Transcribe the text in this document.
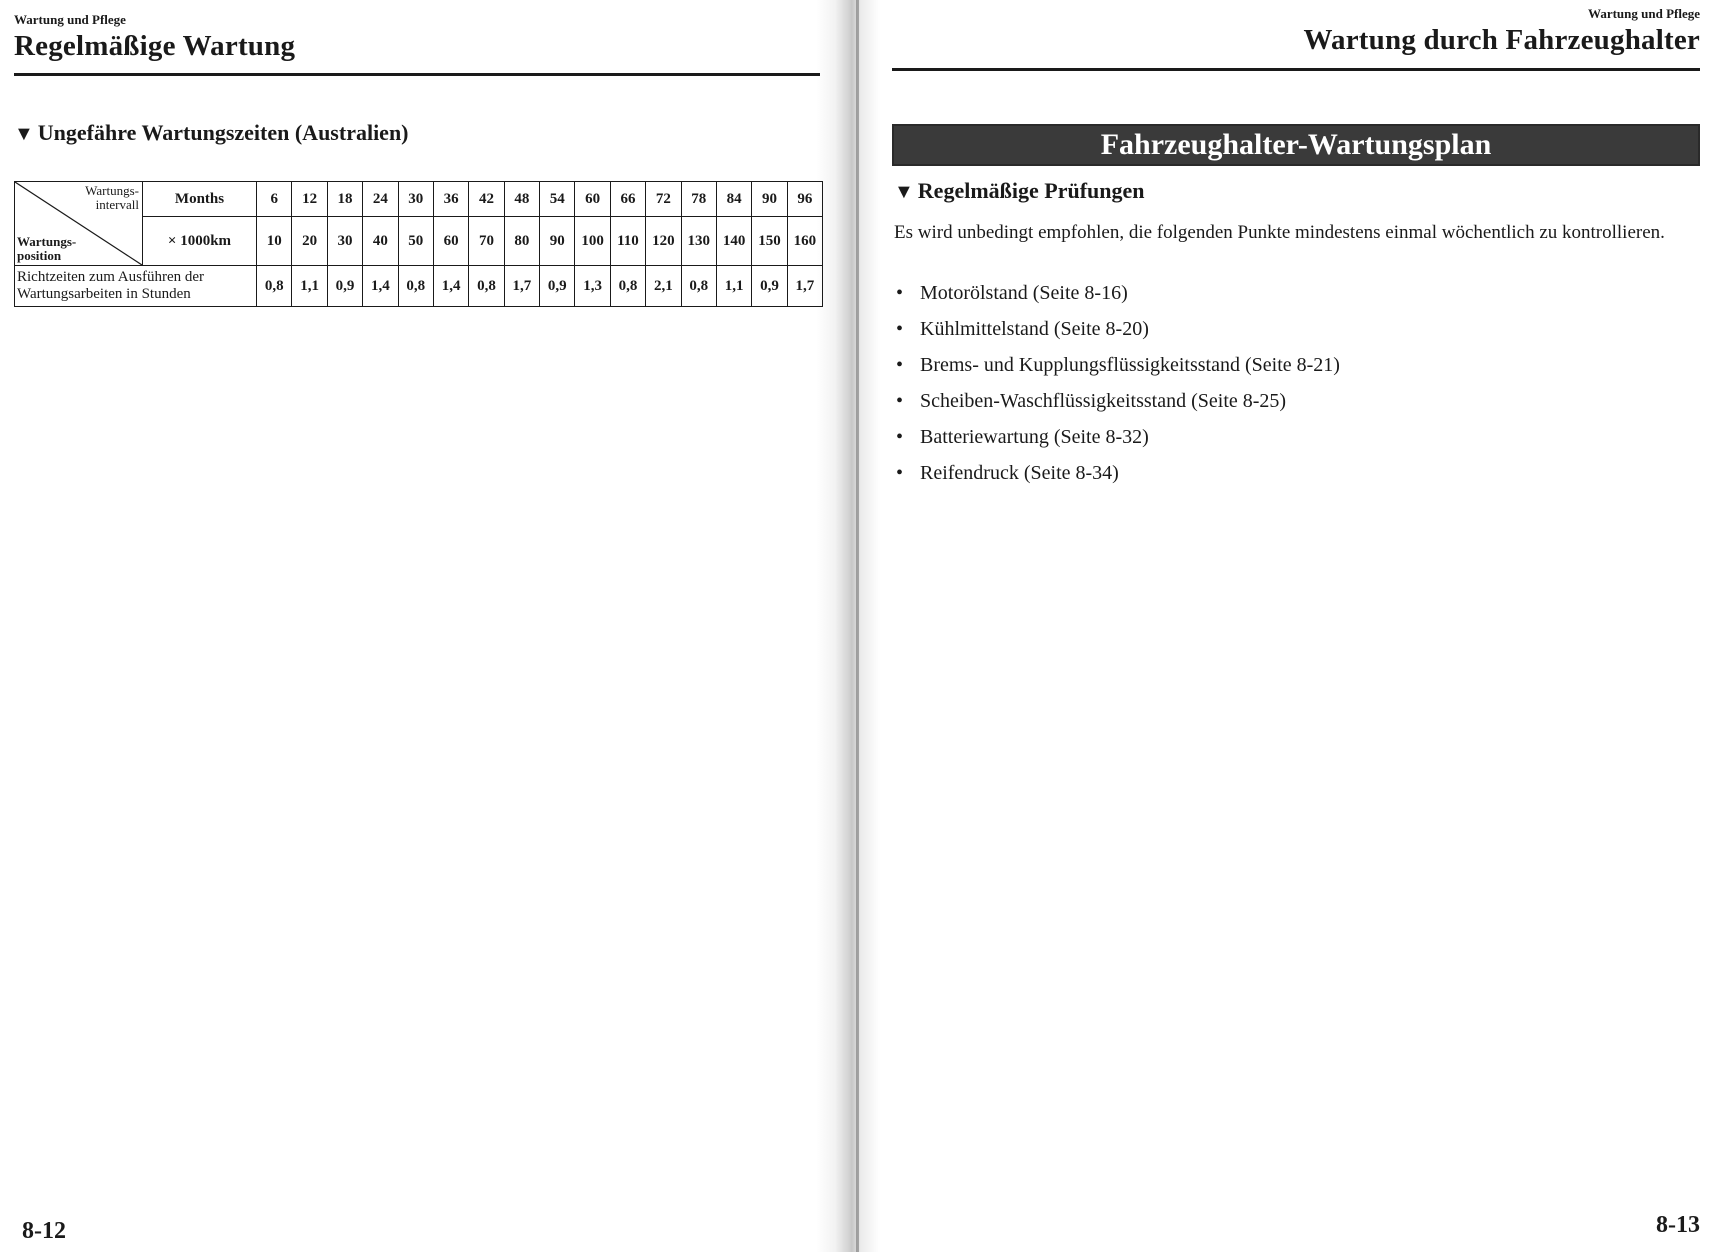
Wartung und Pflege
Regelmäßige Wartung
▼ Ungefähre Wartungszeiten (Australien)
Wartungs-
intervall
Wartungs-
position	Months	6	12	18	24	30	36	42	48	54	60	66	72	78	84	90	96
	× 1000km	10	20	30	40	50	60	70	80	90	100	110	120	130	140	150	160
Richtzeiten zum Ausführen der Wartungsarbeiten in Stunden		0,8	1,1	0,9	1,4	0,8	1,4	0,8	1,7	0,9	1,3	0,8	2,1	0,8	1,1	0,9	1,7
8-12
Wartung und Pflege
Wartung durch Fahrzeughalter
Fahrzeughalter-Wartungsplan
▼ Regelmäßige Prüfungen
Es wird unbedingt empfohlen, die folgenden Punkte mindestens einmal wöchentlich zu kontrollieren.
• Motorölstand (Seite 8-16)
• Kühlmittelstand (Seite 8-20)
• Brems- und Kupplungsflüssigkeitsstand (Seite 8-21)
• Scheiben-Waschflüssigkeitsstand (Seite 8-25)
• Batteriewartung (Seite 8-32)
• Reifendruck (Seite 8-34)
8-13
